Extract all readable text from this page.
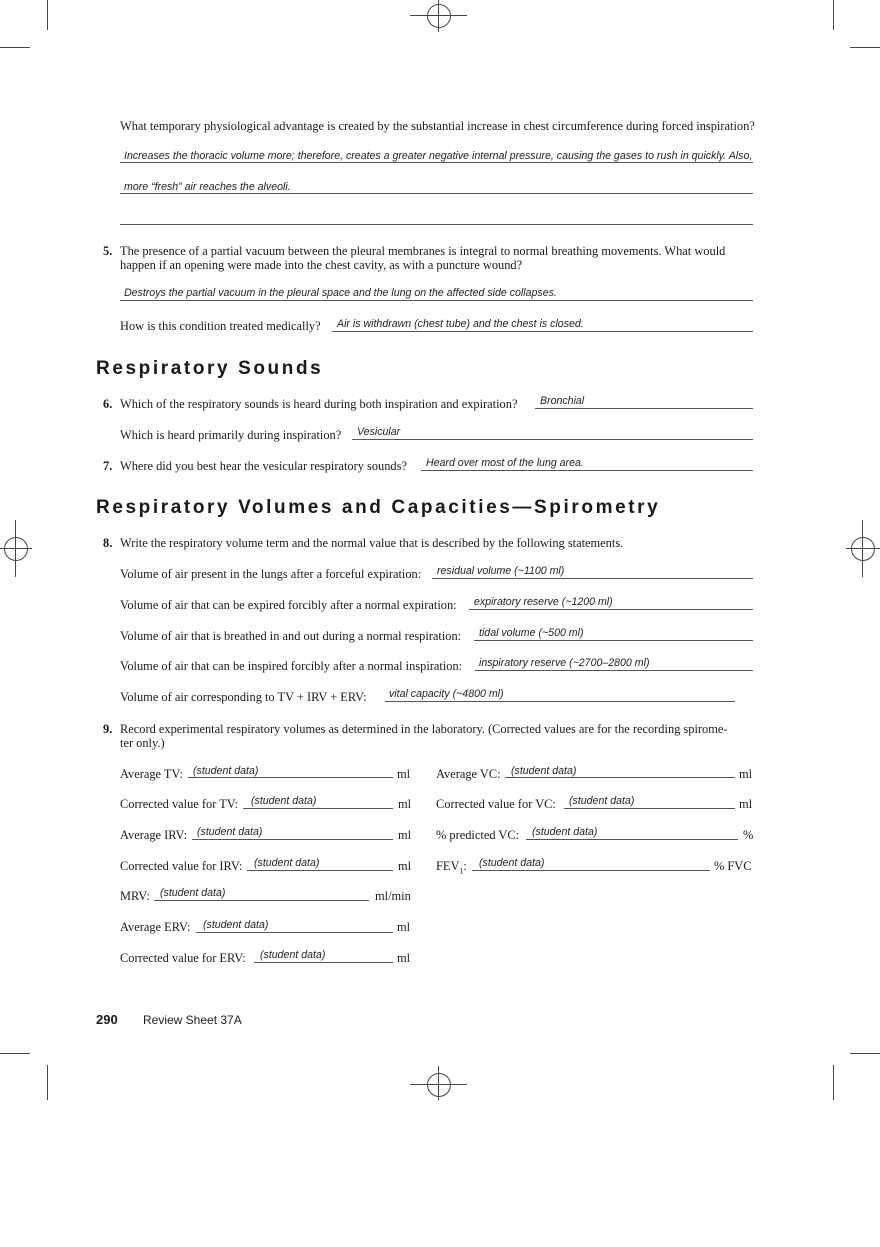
What temporary physiological advantage is created by the substantial increase in chest circumference during forced inspiration?
Increases the thoracic volume more; therefore, creates a greater negative internal pressure, causing the gases to rush in quickly. Also,
more “fresh” air reaches the alveoli.
5. The presence of a partial vacuum between the pleural membranes is integral to normal breathing movements. What would
happen if an opening were made into the chest cavity, as with a puncture wound?
Destroys the partial vacuum in the pleural space and the lung on the affected side collapses.
How is this condition treated medically? Air is withdrawn (chest tube) and the chest is closed.
Respiratory Sounds
6. Which of the respiratory sounds is heard during both inspiration and expiration? Bronchial
Which is heard primarily during inspiration? Vesicular
7. Where did you best hear the vesicular respiratory sounds? Heard over most of the lung area.
Respiratory Volumes and Capacities—Spirometry
8. Write the respiratory volume term and the normal value that is described by the following statements.
Volume of air present in the lungs after a forceful expiration: residual volume (~1100 ml)
Volume of air that can be expired forcibly after a normal expiration: expiratory reserve (~1200 ml)
Volume of air that is breathed in and out during a normal respiration: tidal volume (~500 ml)
Volume of air that can be inspired forcibly after a normal inspiration: inspiratory reserve (~2700–2800 ml)
Volume of air corresponding to TV + IRV + ERV: vital capacity (~4800 ml)
9. Record experimental respiratory volumes as determined in the laboratory. (Corrected values are for the recording spirome-
ter only.)
Average TV: (student data)	ml
Corrected value for TV: (student data)	ml
Average IRV: (student data)	ml
Corrected value for IRV: (student data)	ml
MRV: (student data)	ml/min
Average ERV: (student data)	ml
Corrected value for ERV: (student data)	ml
Average VC: (student data)	ml
Corrected value for VC: (student data)	ml
% predicted VC: (student data)	%
$FEV_1$: (student data)	% FVC
290 Review Sheet 37A
